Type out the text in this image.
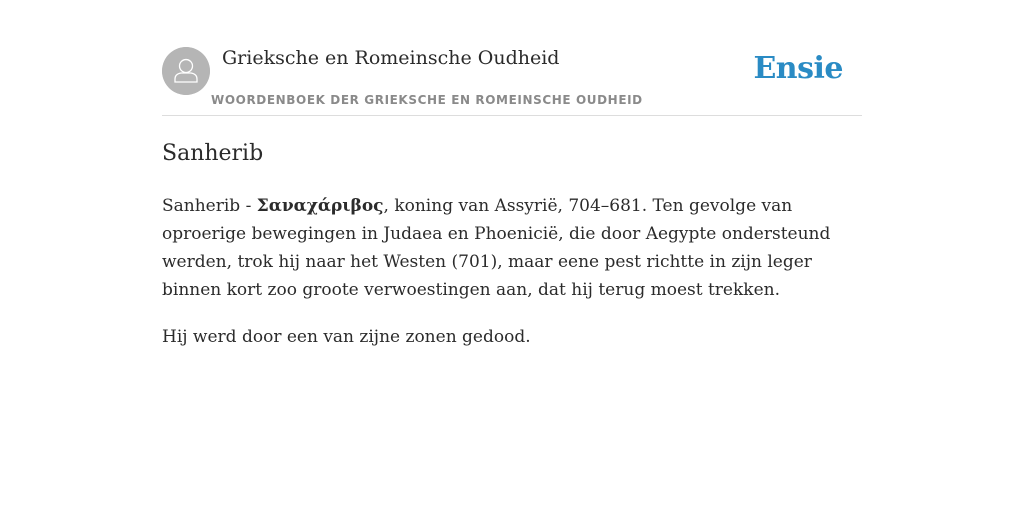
Grieksche en Romeinsche Oudheid
WOORDENBOEK DER GRIEKSCHE EN ROMEINSCHE OUDHEID
Ensie
Sanherib

Sanherib - Σαναχάριβος, koning van Assyrië, 704–681. Ten gevolge van oproerige bewegingen in Judaea en Phoenicië, die door Aegypte ondersteund werden, trok hij naar het Westen (701), maar eene pest richtte in zijn leger binnen kort zoo groote verwoestingen aan, dat hij terug moest trekken.

Hij werd door een van zijne zonen gedood.
